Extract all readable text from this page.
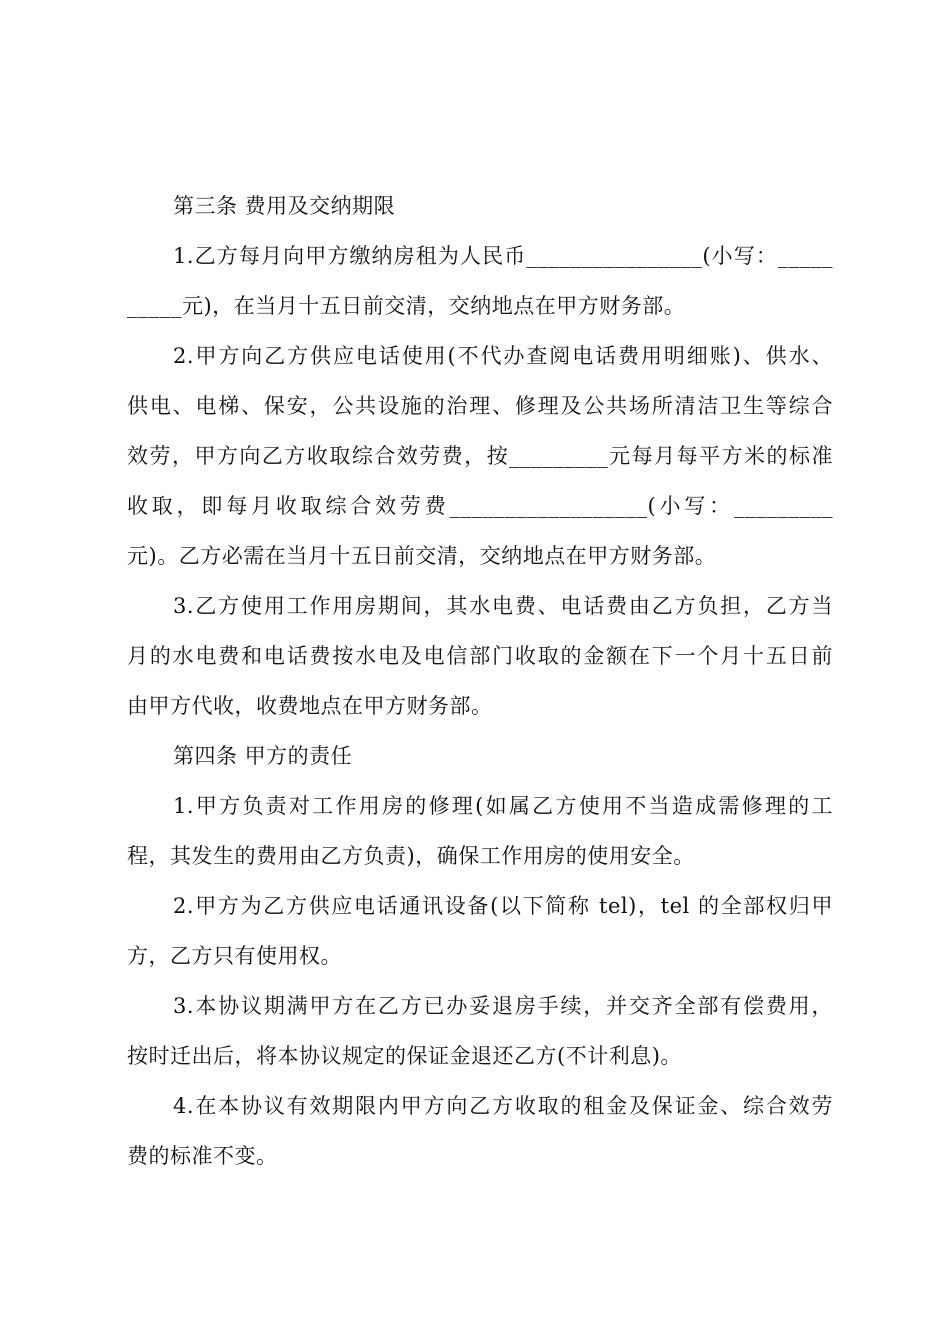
第三条 费用及交纳期限

1.乙方每月向甲方缴纳房租为人民币________________(小写：_____

_____元)，在当月十五日前交清，交纳地点在甲方财务部。

2.甲方向乙方供应电话使用(不代办查阅电话费用明细账)、供水、

供电、电梯、保安，公共设施的治理、修理及公共场所清洁卫生等综合

效劳，甲方向乙方收取综合效劳费，按_________元每月每平方米的标准

收取，即每月收取综合效劳费__________________(小写：_________

元)。乙方必需在当月十五日前交清，交纳地点在甲方财务部。

3.乙方使用工作用房期间，其水电费、电话费由乙方负担，乙方当

月的水电费和电话费按水电及电信部门收取的金额在下一个月十五日前

由甲方代收，收费地点在甲方财务部。

第四条 甲方的责任

1.甲方负责对工作用房的修理(如属乙方使用不当造成需修理的工

程，其发生的费用由乙方负责)，确保工作用房的使用安全。

2.甲方为乙方供应电话通讯设备(以下简称 tel)，tel 的全部权归甲

方，乙方只有使用权。

3.本协议期满甲方在乙方已办妥退房手续，并交齐全部有偿费用，

按时迁出后，将本协议规定的保证金退还乙方(不计利息)。

4.在本协议有效期限内甲方向乙方收取的租金及保证金、综合效劳

费的标准不变。
